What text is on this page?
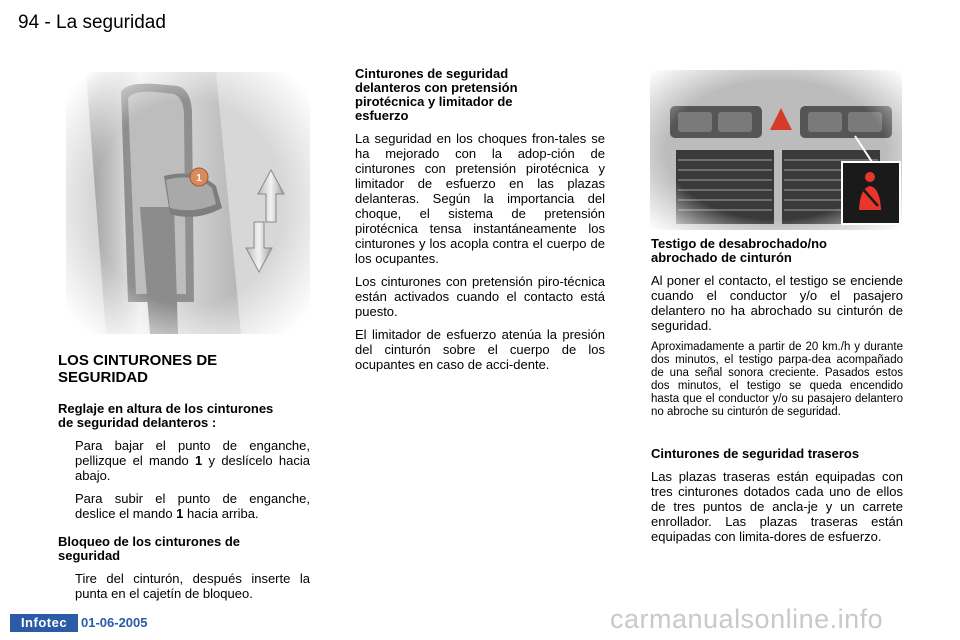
94 - La seguridad
LOS CINTURONES DE
SEGURIDAD
Reglaje en altura de los cinturones
de seguridad delanteros :
Para bajar el punto de enganche, pellizque el mando 1 y deslícelo hacia abajo.
Para subir el punto de enganche, deslice el mando 1 hacia arriba.
Bloqueo de los cinturones de
seguridad
Tire del cinturón, después inserte la punta en el cajetín de bloqueo.
Cinturones de seguridad
delanteros con pretensión
pirotécnica y limitador de
esfuerzo

La seguridad en los choques fron-tales se ha mejorado con la adop-ción de cinturones con pretensión pirotécnica y limitador de esfuerzo en las plazas delanteras. Según la importancia del choque, el sistema de pretensión pirotécnica tensa instantáneamente los cinturones y los acopla contra el cuerpo de los ocupantes.

Los cinturones con pretensión piro-técnica están activados cuando el contacto está puesto.

El limitador de esfuerzo atenúa la presión del cinturón sobre el cuerpo de los ocupantes en caso de acci-dente.

Testigo de desabrochado/no
abrochado de cinturón

Al poner el contacto, el testigo se enciende cuando el conductor y/o el pasajero delantero no ha abrochado su cinturón de seguridad.

Aproximadamente a partir de 20 km./h y durante dos minutos, el testigo parpa-dea acompañado de una señal sonora creciente. Pasados estos dos minutos, el testigo se queda encendido hasta que el conductor y/o su pasajero delantero no abroche su cinturón de seguridad.

Cinturones de seguridad traseros

Las plazas traseras están equipadas con tres cinturones dotados cada uno de ellos de tres puntos de ancla-je y un carrete enrollador. Las plazas traseras están equipadas con limita-dores de esfuerzo.

Infotec	01-06-2005	carmanualsonline.info
